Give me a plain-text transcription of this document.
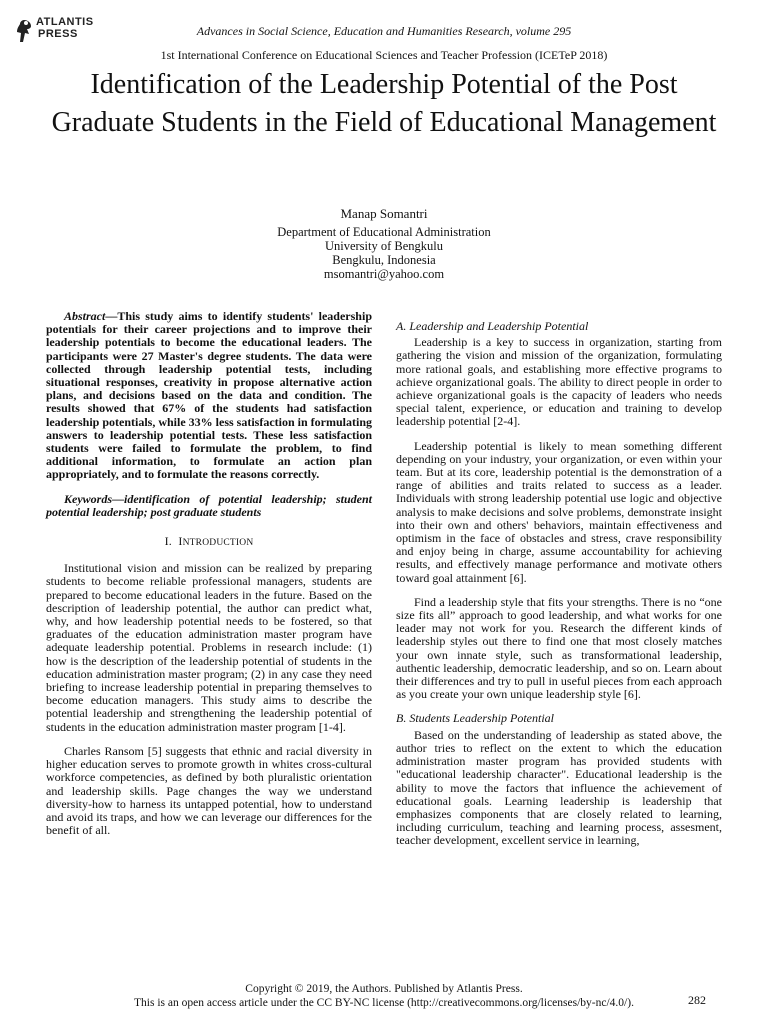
ATLANTIS
PRESS	Advances in Social Science, Education and Humanities Research, volume 295
1st International Conference on Educational Sciences and Teacher Profession (ICETeP 2018)
Identification of the Leadership Potential of the Post Graduate Students in the Field of Educational Management
Manap Somantri
Department of Educational Administration
University of Bengkulu
Bengkulu, Indonesia
msomantri@yahoo.com

Abstract—This study aims to identify students' leadership potentials for their career projections and to improve their leadership potentials to become the educational leaders. The participants were 27 Master's degree students. The data were collected through leadership potential tests, including situational responses, creativity in propose alternative action plans, and decisions based on the data and condition. The results showed that 67% of the students had satisfaction leadership potentials, while 33% less satisfaction in formulating answers to leadership potential tests. These less satisfaction students were failed to formulate the problem, to find additional information, to formulate an action plan appropriately, and to formulate the reasons correctly.

Keywords—identification of potential leadership; student potential leadership; post graduate students

I. INTRODUCTION

Institutional vision and mission can be realized by preparing students to become reliable professional managers, students are prepared to become educational leaders in the future. Based on the description of leadership potential, the author can predict what, why, and how leadership potential needs to be fostered, so that graduates of the education administration master program have adequate leadership potential. Problems in research include: (1) how is the description of the leadership potential of students in the education administration master program; (2) in any case they need briefing to increase leadership potential in preparing themselves to become education managers. This study aims to describe the potential leadership and strengthening the leadership potential of students in the education administration master program [1-4].

Charles Ransom [5] suggests that ethnic and racial diversity in higher education serves to promote growth in whites cross-cultural workforce competencies, as defined by both pluralistic orientation and leadership skills. Page changes the way we understand diversity-how to harness its untapped potential, how to understand and avoid its traps, and how we can leverage our differences for the benefit of all.

A. Leadership and Leadership Potential

Leadership is a key to success in organization, starting from gathering the vision and mission of the organization, formulating more rational goals, and establishing more effective programs to achieve organizational goals. The ability to direct people in order to achieve organizational goals is the capacity of leaders who needs special talent, experience, or education and training to develop leadership potential [2-4].

Leadership potential is likely to mean something different depending on your industry, your organization, or even within your team. But at its core, leadership potential is the demonstration of a range of abilities and traits related to success as a leader. Individuals with strong leadership potential use logic and objective analysis to make decisions and solve problems, demonstrate insight into their own and others' behaviors, maintain effectiveness and optimism in the face of obstacles and stress, crave responsibility and enjoy being in charge, assume accountability for achieving results, and effectively manage performance and motivate others toward goal attainment [6].

Find a leadership style that fits your strengths. There is no “one size fits all” approach to good leadership, and what works for one leader may not work for you. Research the different kinds of leadership styles out there to find one that most closely matches your own innate style, such as transformational leadership, authentic leadership, democratic leadership, and so on. Learn about their differences and try to pull in useful pieces from each approach as you create your own unique leadership style [6].

B. Students Leadership Potential

Based on the understanding of leadership as stated above, the author tries to reflect on the extent to which the education administration master program has provided students with "educational leadership character". Educational leadership is the ability to move the factors that influence the achievement of educational goals. Learning leadership is leadership that emphasizes components that are closely related to learning, including curriculum, teaching and learning process, assesment, teacher development, excellent service in learning,

Copyright © 2019, the Authors. Published by Atlantis Press.
This is an open access article under the CC BY-NC license (http://creativecommons.org/licenses/by-nc/4.0/).	282
